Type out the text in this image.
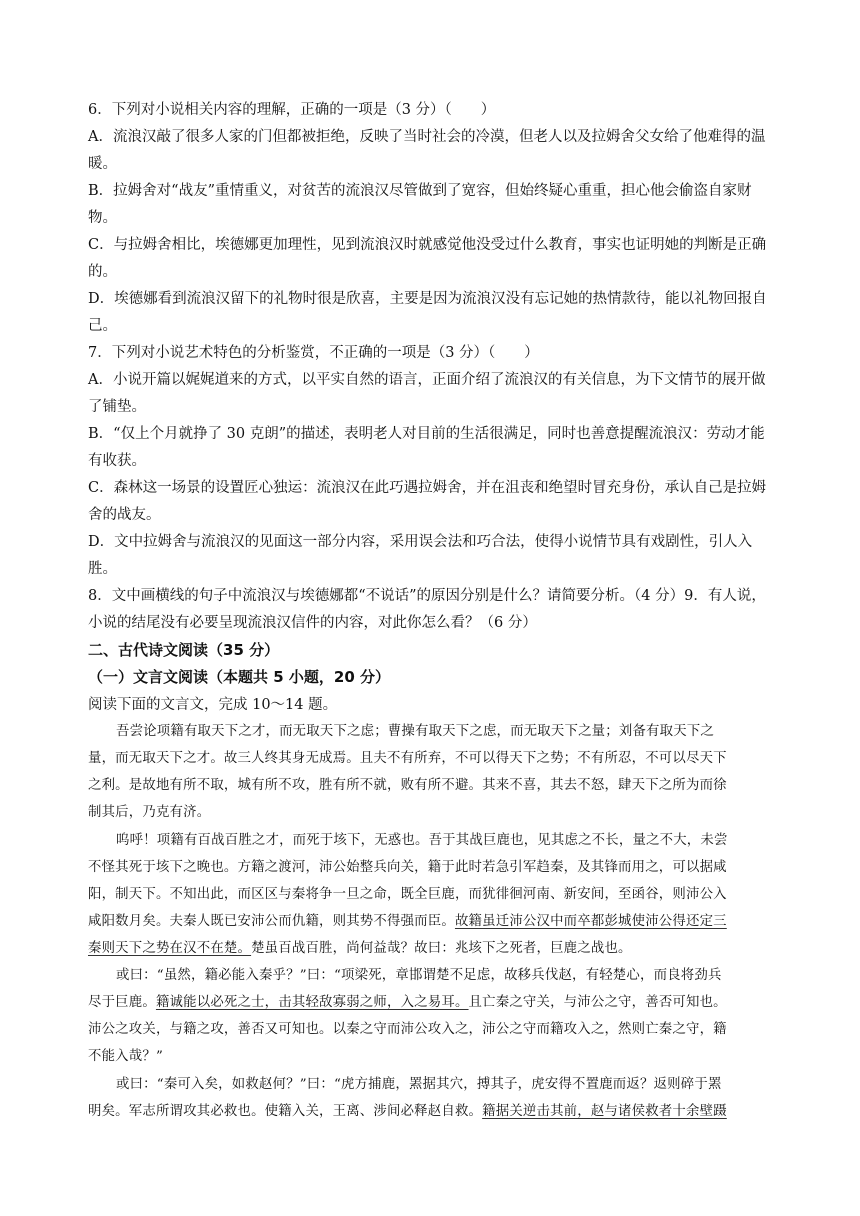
6．下列对小说相关内容的理解，正确的一项是（3 分）（　　）

A．流浪汉敲了很多人家的门但都被拒绝，反映了当时社会的冷漠，但老人以及拉姆舍父女给了他难得的温

暖。

B．拉姆舍对“战友”重情重义，对贫苦的流浪汉尽管做到了宽容，但始终疑心重重，担心他会偷盗自家财

物。

C．与拉姆舍相比，埃德娜更加理性，见到流浪汉时就感觉他没受过什么教育，事实也证明她的判断是正确

的。

D．埃德娜看到流浪汉留下的礼物时很是欣喜，主要是因为流浪汉没有忘记她的热情款待，能以礼物回报自

己。

7．下列对小说艺术特色的分析鉴赏，不正确的一项是（3 分）（　　）

A．小说开篇以娓娓道来的方式，以平实自然的语言，正面介绍了流浪汉的有关信息，为下文情节的展开做

了铺垫。

B．“仅上个月就挣了 30 克朗”的描述，表明老人对目前的生活很满足，同时也善意提醒流浪汉：劳动才能

有收获。

C．森林这一场景的设置匠心独运：流浪汉在此巧遇拉姆舍，并在沮丧和绝望时冒充身份，承认自己是拉姆

舍的战友。

D．文中拉姆舍与流浪汉的见面这一部分内容，采用误会法和巧合法，使得小说情节具有戏剧性，引人入

胜。

8．文中画横线的句子中流浪汉与埃德娜都“不说话”的原因分别是什么？请简要分析。（4 分）9．有人说，

小说的结尾没有必要呈现流浪汉信件的内容，对此你怎么看？（6 分）

二、古代诗文阅读（35 分）

（一）文言文阅读（本题共 5 小题，20 分）

阅读下面的文言文，完成 10～14 题。

吾尝论项籍有取天下之才，而无取天下之虑；曹操有取天下之虑，而无取天下之量；刘备有取天下之

量，而无取天下之才。故三人终其身无成焉。且夫不有所弃，不可以得天下之势；不有所忍，不可以尽天下

之利。是故地有所不取，城有所不攻，胜有所不就，败有所不避。其来不喜，其去不怒，肆天下之所为而徐

制其后，乃克有济。

呜呼！项籍有百战百胜之才，而死于垓下，无惑也。吾于其战巨鹿也，见其虑之不长，量之不大，未尝

不怪其死于垓下之晚也。方籍之渡河，沛公始整兵向关，籍于此时若急引军趋秦，及其锋而用之，可以据咸

阳，制天下。不知出此，而区区与秦将争一旦之命，既全巨鹿，而犹徘徊河南、新安间，至函谷，则沛公入

咸阳数月矣。夫秦人既已安沛公而仇籍，则其势不得强而臣。故籍虽迁沛公汉中而卒都彭城使沛公得还定三

秦则天下之势在汉不在楚。楚虽百战百胜，尚何益哉？故曰：兆垓下之死者，巨鹿之战也。

或曰：“虽然，籍必能入秦乎？”曰：“项梁死，章邯谓楚不足虑，故移兵伐赵，有轻楚心，而良将劲兵

尽于巨鹿。籍诚能以必死之士，击其轻敌寡弱之师，入之易耳。且亡秦之守关，与沛公之守，善否可知也。

沛公之攻关，与籍之攻，善否又可知也。以秦之守而沛公攻入之，沛公之守而籍攻入之，然则亡秦之守，籍

不能入哉？”

或曰：“秦可入矣，如救赵何？”曰：“虎方捕鹿，罴据其穴，搏其子，虎安得不置鹿而返？返则碎于罴

明矣。军志所谓攻其必救也。使籍入关，王离、涉间必释赵自救。籍据关逆击其前，赵与诸侯救者十余壁蹑
